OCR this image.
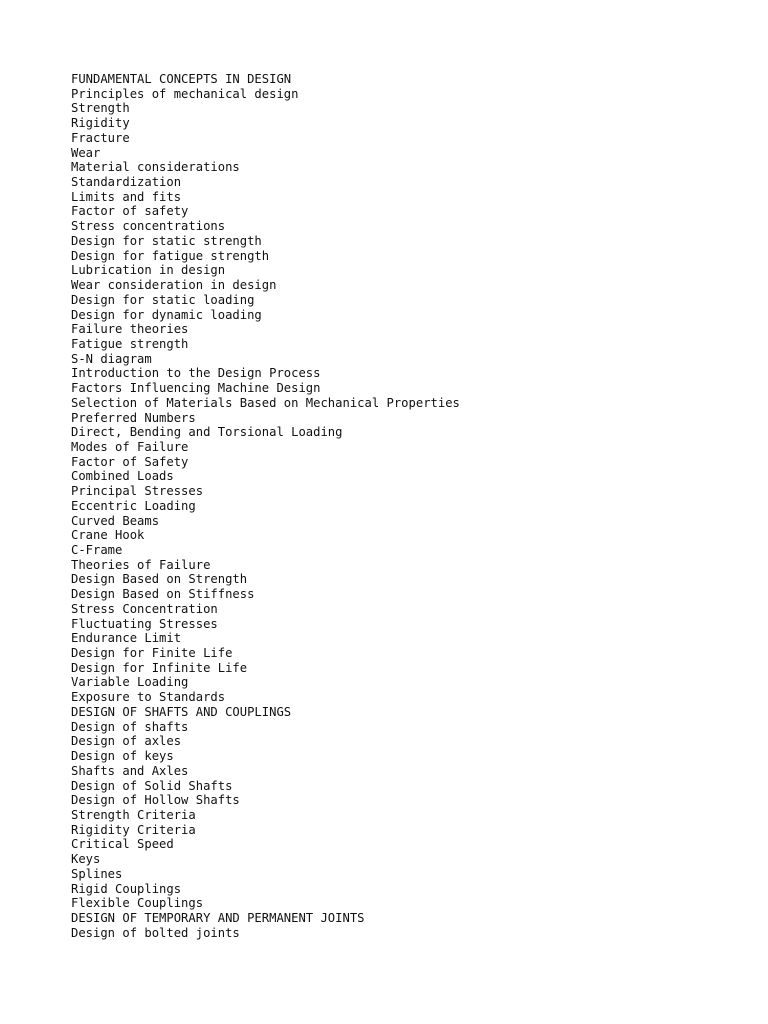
FUNDAMENTAL CONCEPTS IN DESIGN
Principles of mechanical design
Strength
Rigidity
Fracture
Wear
Material considerations
Standardization
Limits and fits
Factor of safety
Stress concentrations
Design for static strength
Design for fatigue strength
Lubrication in design
Wear consideration in design
Design for static loading
Design for dynamic loading
Failure theories
Fatigue strength
S-N diagram
Introduction to the Design Process
Factors Influencing Machine Design
Selection of Materials Based on Mechanical Properties
Preferred Numbers
Direct, Bending and Torsional Loading
Modes of Failure
Factor of Safety
Combined Loads
Principal Stresses
Eccentric Loading
Curved Beams
Crane Hook
C-Frame
Theories of Failure
Design Based on Strength
Design Based on Stiffness
Stress Concentration
Fluctuating Stresses
Endurance Limit
Design for Finite Life
Design for Infinite Life
Variable Loading
Exposure to Standards
DESIGN OF SHAFTS AND COUPLINGS
Design of shafts
Design of axles
Design of keys
Shafts and Axles
Design of Solid Shafts
Design of Hollow Shafts
Strength Criteria
Rigidity Criteria
Critical Speed
Keys
Splines
Rigid Couplings
Flexible Couplings
DESIGN OF TEMPORARY AND PERMANENT JOINTS
Design of bolted joints
